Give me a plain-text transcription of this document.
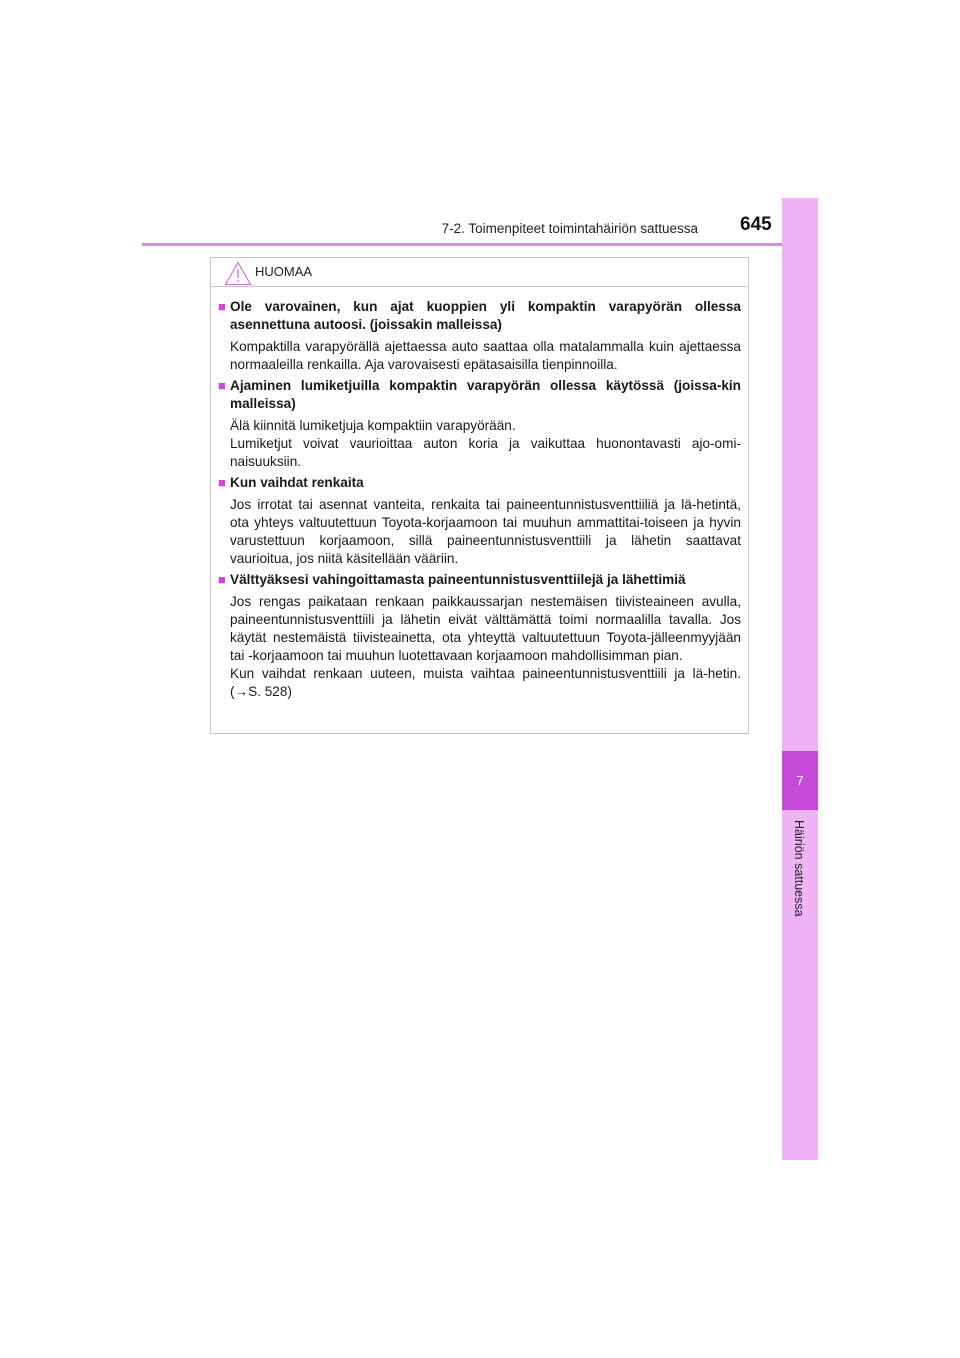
7-2. Toimenpiteet toimintahäiriön sattuessa 645
7
Häiriön sattuessa
HUOMAA
■ Ole varovainen, kun ajat kuoppien yli kompaktin varapyörän ollessa asennettuna autoosi. (joissakin malleissa)

Kompaktilla varapyörällä ajettaessa auto saattaa olla matalammalla kuin ajettaessa normaaleilla renkailla. Aja varovaisesti epätasaisilla tienpinnoilla.

■ Ajaminen lumiketjuilla kompaktin varapyörän ollessa käytössä (joissa-kin malleissa)

Älä kiinnitä lumiketjuja kompaktiin varapyörään.

Lumiketjut voivat vaurioittaa auton koria ja vaikuttaa huonontavasti ajo-omi-naisuuksiin.

■ Kun vaihdat renkaita

Jos irrotat tai asennat vanteita, renkaita tai paineentunnistusventtiiliä ja lä-hetintä, ota yhteys valtuutettuun Toyota-korjaamoon tai muuhun ammattitai-toiseen ja hyvin varustettuun korjaamoon, sillä paineentunnistusventtiili ja lähetin saattavat vaurioitua, jos niitä käsitellään vääriin.

■ Välttyäksesi vahingoittamasta paineentunnistusventtiilejä ja lähettimiä

Jos rengas paikataan renkaan paikkaussarjan nestemäisen tiivisteaineen avulla, paineentunnistusventtiili ja lähetin eivät välttämättä toimi normaalilla tavalla. Jos käytät nestemäistä tiivisteainetta, ota yhteyttä valtuutettuun Toyota-jälleenmyyjään tai -korjaamoon tai muuhun luotettavaan korjaamoon mahdollisimman pian.

Kun vaihdat renkaan uuteen, muista vaihtaa paineentunnistusventtiili ja lä-hetin. (→S. 528)
